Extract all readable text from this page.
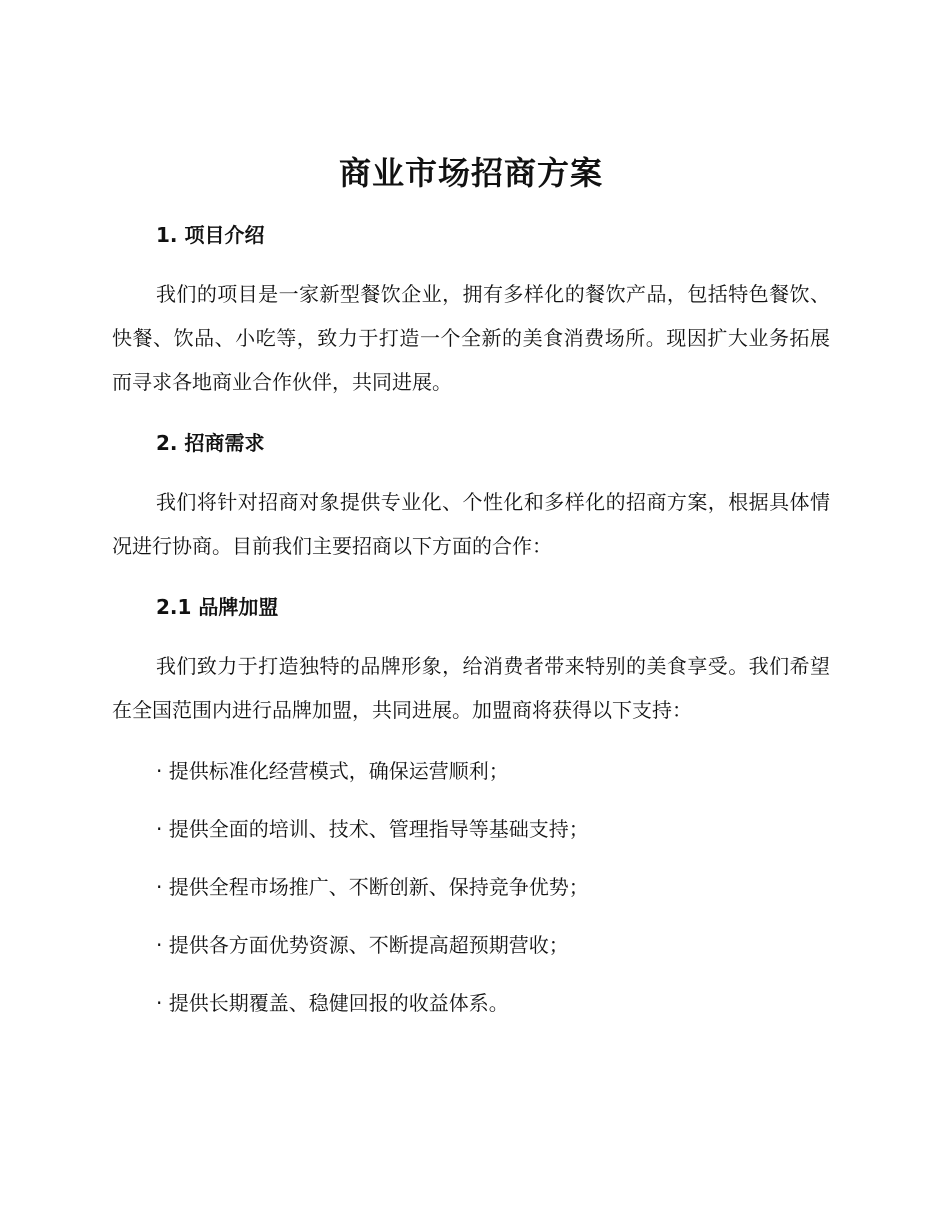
商业市场招商方案
1. 项目介绍

我们的项目是一家新型餐饮企业，拥有多样化的餐饮产品，包括特色餐饮、快餐、饮品、小吃等，致力于打造一个全新的美食消费场所。现因扩大业务拓展而寻求各地商业合作伙伴，共同进展。

2. 招商需求

我们将针对招商对象提供专业化、个性化和多样化的招商方案，根据具体情况进行协商。目前我们主要招商以下方面的合作：

2.1 品牌加盟

我们致力于打造独特的品牌形象，给消费者带来特别的美食享受。我们希望在全国范围内进行品牌加盟，共同进展。加盟商将获得以下支持：

· 提供标准化经营模式，确保运营顺利；
· 提供全面的培训、技术、管理指导等基础支持；
· 提供全程市场推广、不断创新、保持竞争优势；
· 提供各方面优势资源、不断提高超预期营收；
· 提供长期覆盖、稳健回报的收益体系。
